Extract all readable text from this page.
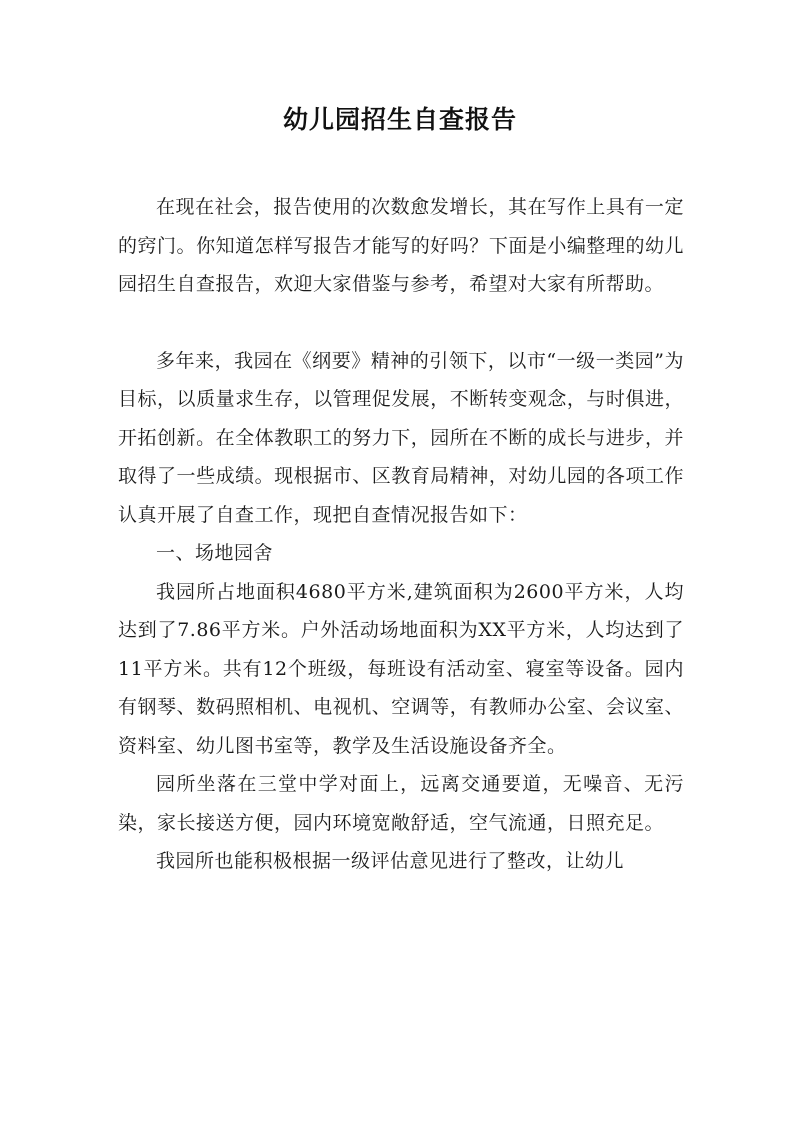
幼儿园招生自查报告

在现在社会，报告使用的次数愈发增长，其在写作上具有一定的窍门。你知道怎样写报告才能写的好吗？下面是小编整理的幼儿园招生自查报告，欢迎大家借鉴与参考，希望对大家有所帮助。

多年来，我园在《纲要》精神的引领下，以市“一级一类园”为目标，以质量求生存，以管理促发展，不断转变观念，与时俱进，开拓创新。在全体教职工的努力下，园所在不断的成长与进步，并取得了一些成绩。现根据市、区教育局精神，对幼儿园的各项工作认真开展了自查工作，现把自查情况报告如下：

一、场地园舍

我园所占地面积4680平方米,建筑面积为2600平方米，人均达到了7.86平方米。户外活动场地面积为XX平方米，人均达到了11平方米。共有12个班级，每班设有活动室、寝室等设备。园内有钢琴、数码照相机、电视机、空调等，有教师办公室、会议室、资料室、幼儿图书室等，教学及生活设施设备齐全。

园所坐落在三堂中学对面上，远离交通要道，无噪音、无污染，家长接送方便，园内环境宽敞舒适，空气流通，日照充足。

我园所也能积极根据一级评估意见进行了整改，让幼儿
